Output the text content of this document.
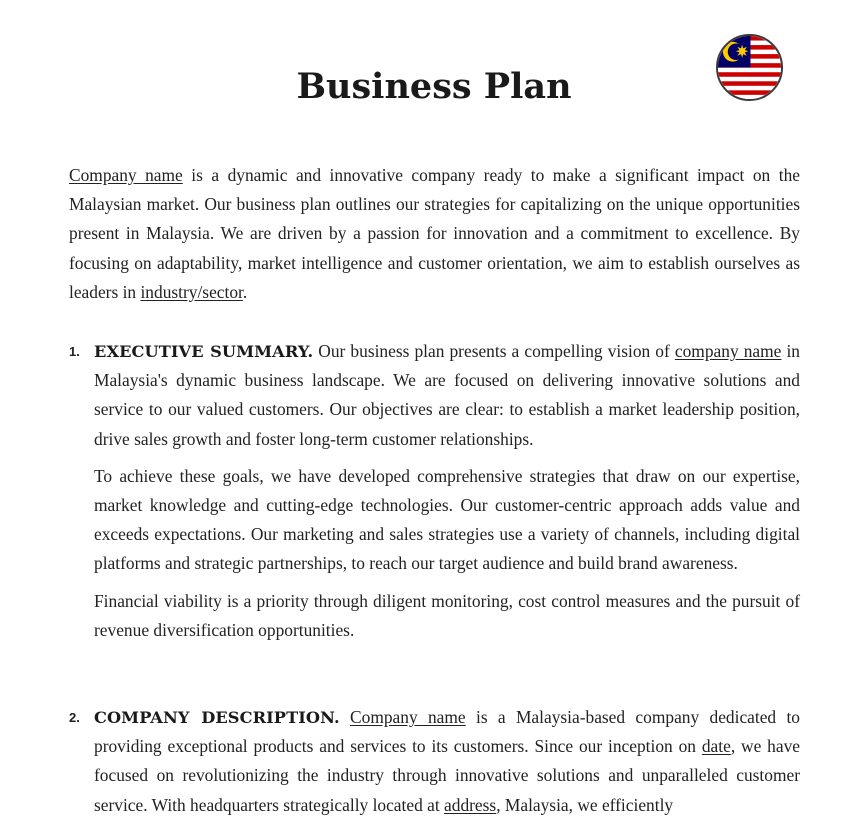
Business Plan

Company name is a dynamic and innovative company ready to make a significant impact on the Malaysian market. Our business plan outlines our strategies for capitalizing on the unique opportunities present in Malaysia. We are driven by a passion for innovation and a commitment to excellence. By focusing on adaptability, market intelligence and customer orientation, we aim to establish ourselves as leaders in industry/sector.

1. EXECUTIVE SUMMARY. Our business plan presents a compelling vision of company name in Malaysia's dynamic business landscape. We are focused on delivering innovative solutions and service to our valued customers. Our objectives are clear: to establish a market leadership position, drive sales growth and foster long-term customer relationships.

To achieve these goals, we have developed comprehensive strategies that draw on our expertise, market knowledge and cutting-edge technologies. Our customer-centric approach adds value and exceeds expectations. Our marketing and sales strategies use a variety of channels, including digital platforms and strategic partnerships, to reach our target audience and build brand awareness.

Financial viability is a priority through diligent monitoring, cost control measures and the pursuit of revenue diversification opportunities.

2. COMPANY DESCRIPTION. Company name is a Malaysia-based company dedicated to providing exceptional products and services to its customers. Since our inception on date, we have focused on revolutionizing the industry through innovative solutions and unparalleled customer service. With headquarters strategically located at address, Malaysia, we efficiently
